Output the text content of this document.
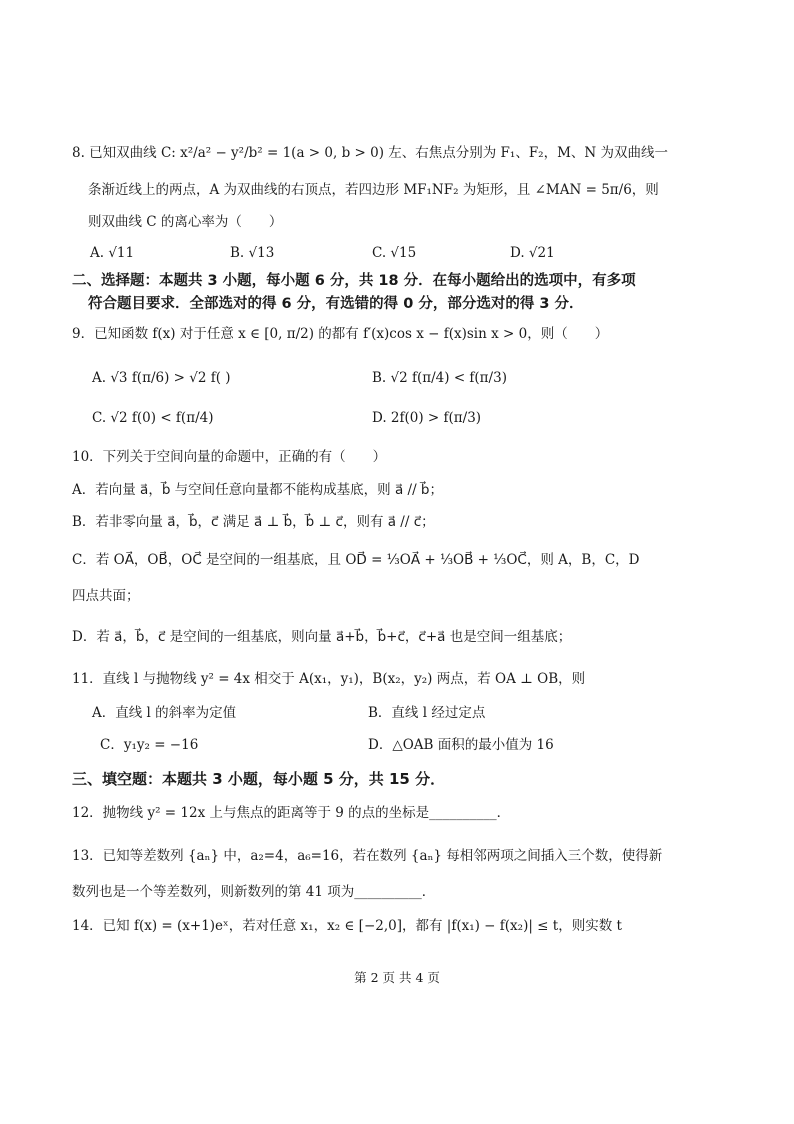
8. 已知双曲线 C: x²/a² − y²/b² = 1(a > 0, b > 0) 左、右焦点分别为 F₁、F₂，M、N 为双曲线一
条渐近线上的两点，A 为双曲线的右顶点，若四边形 MF₁NF₂ 为矩形，且 ∠MAN = 5π/6，则
则双曲线 C 的离心率为（　　）
A. √11	B. √13	C. √15	D. √21
二、选择题：本题共 3 小题，每小题 6 分，共 18 分．在每小题给出的选项中，有多项
符合题目要求．全部选对的得 6 分，有选错的得 0 分，部分选对的得 3 分．
9．已知函数 f(x) 对于任意 x ∈ [0, π/2) 的都有 f′(x)cos x − f(x)sin x > 0，则（　　）
A. √3 f(π/6) > √2 f( )	B. √2 f(π/4) < f(π/3)
C. √2 f(0) < f(π/4)	D. 2f(0) > f(π/3)
10．下列关于空间向量的命题中，正确的有（　　）
A．若向量 a⃗，b⃗ 与空间任意向量都不能构成基底，则 a⃗ // b⃗；
B．若非零向量 a⃗，b⃗，c⃗ 满足 a⃗ ⊥ b⃗，b⃗ ⊥ c⃗，则有 a⃗ // c⃗；
C．若 OA⃗，OB⃗，OC⃗ 是空间的一组基底，且 OD⃗ = ⅓OA⃗ + ⅓OB⃗ + ⅓OC⃗，则 A，B，C，D
四点共面；
D．若 a⃗，b⃗，c⃗ 是空间的一组基底，则向量 a⃗+b⃗，b⃗+c⃗，c⃗+a⃗ 也是空间一组基底；
11．直线 l 与抛物线 y² = 4x 相交于 A(x₁，y₁)，B(x₂，y₂) 两点，若 OA ⊥ OB，则
A．直线 l 的斜率为定值	B．直线 l 经过定点
C．y₁y₂ = −16	D．△OAB 面积的最小值为 16
三、填空题：本题共 3 小题，每小题 5 分，共 15 分．
12．抛物线 y² = 12x 上与焦点的距离等于 9 的点的坐标是__________．
13．已知等差数列 {aₙ} 中，a₂=4，a₆=16，若在数列 {aₙ} 每相邻两项之间插入三个数，使得新
数列也是一个等差数列，则新数列的第 41 项为__________．
14．已知 f(x) = (x+1)eˣ，若对任意 x₁，x₂ ∈ [−2,0]，都有 |f(x₁) − f(x₂)| ≤ t，则实数 t
第 2 页 共 4 页
